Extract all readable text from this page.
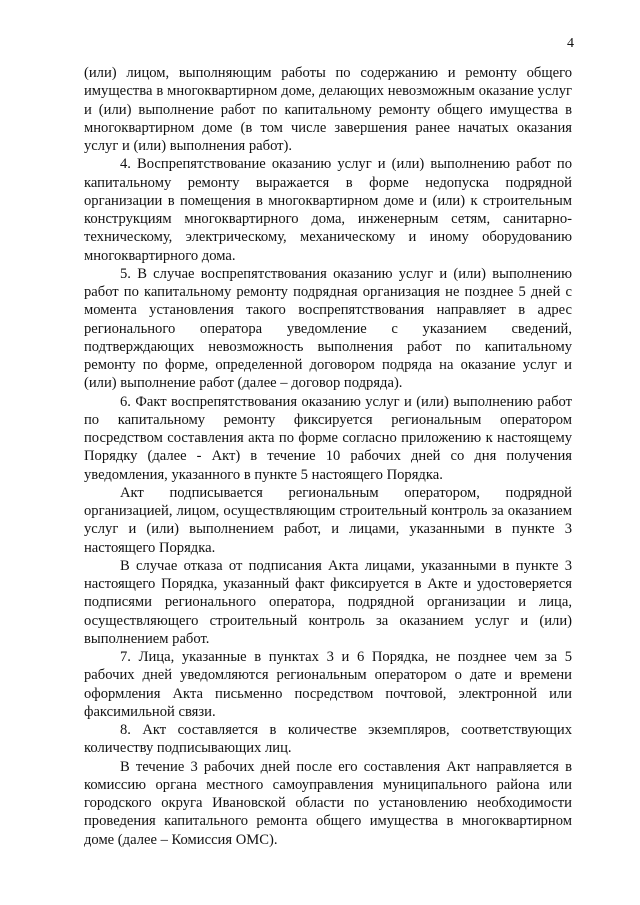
4

(или) лицом, выполняющим работы по содержанию и ремонту общего имущества в многоквартирном доме, делающих невозможным оказание услуг и (или) выполнение работ по капитальному ремонту общего имущества в многоквартирном доме (в том числе завершения ранее начатых оказания услуг и (или) выполнения работ).

4. Воспрепятствование оказанию услуг и (или) выполнению работ по капитальному ремонту выражается в форме недопуска подрядной организации в помещения в многоквартирном доме и (или) к строительным конструкциям многоквартирного дома, инженерным сетям, санитарно-техническому, электрическому, механическому и иному оборудованию многоквартирного дома.

5. В случае воспрепятствования оказанию услуг и (или) выполнению работ по капитальному ремонту подрядная организация не позднее 5 дней с момента установления такого воспрепятствования направляет в адрес регионального оператора уведомление с указанием сведений, подтверждающих невозможность выполнения работ по капитальному ремонту по форме, определенной договором подряда на оказание услуг и (или) выполнение работ (далее – договор подряда).

6. Факт воспрепятствования оказанию услуг и (или) выполнению работ по капитальному ремонту фиксируется региональным оператором посредством составления акта по форме согласно приложению к настоящему Порядку (далее - Акт) в течение 10 рабочих дней со дня получения уведомления, указанного в пункте 5 настоящего Порядка.

Акт подписывается региональным оператором, подрядной организацией, лицом, осуществляющим строительный контроль за оказанием услуг и (или) выполнением работ, и лицами, указанными в пункте 3 настоящего Порядка.

В случае отказа от подписания Акта лицами, указанными в пункте 3 настоящего Порядка, указанный факт фиксируется в Акте и удостоверяется подписями регионального оператора, подрядной организации и лица, осуществляющего строительный контроль за оказанием услуг и (или) выполнением работ.

7. Лица, указанные в пунктах 3 и 6 Порядка, не позднее чем за 5 рабочих дней уведомляются региональным оператором о дате и времени оформления Акта письменно посредством почтовой, электронной или факсимильной связи.

8. Акт составляется в количестве экземпляров, соответствующих количеству подписывающих лиц.

В течение 3 рабочих дней после его составления Акт направляется в комиссию органа местного самоуправления муниципального района или городского округа Ивановской области по установлению необходимости проведения капитального ремонта общего имущества в многоквартирном доме (далее – Комиссия ОМС).
